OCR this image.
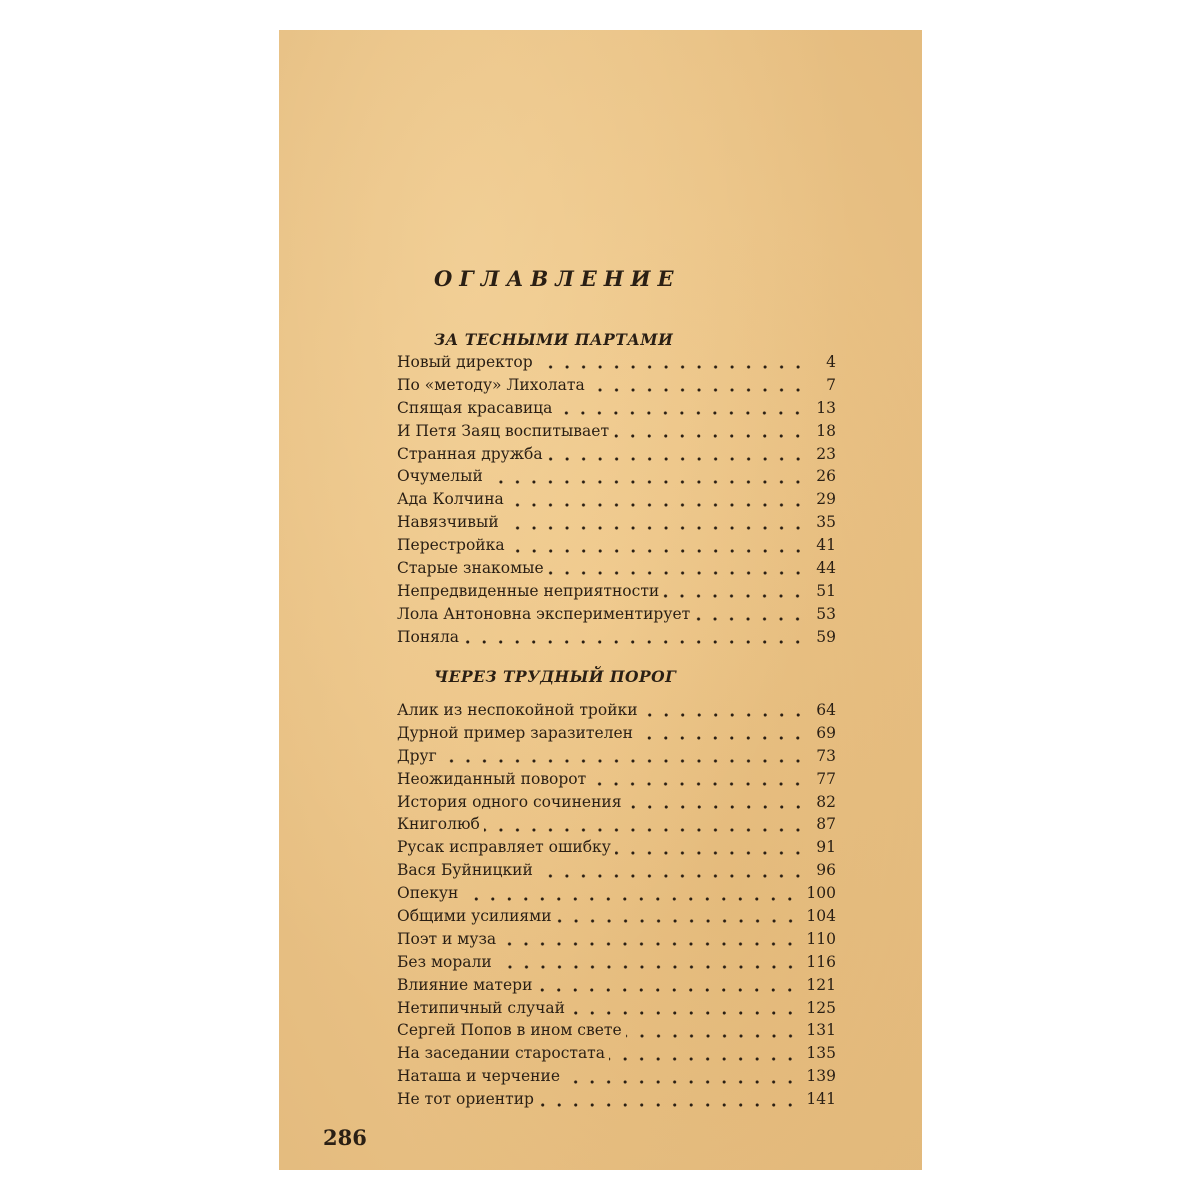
ОГЛАВЛЕНИЕ
ЗА ТЕСНЫМИ ПАРТАМИ
Новый директор	4
По «методу» Лихолата	7
Спящая красавица	13
И Петя Заяц воспитывает	18
Странная дружба	23
Очумелый	26
Ада Колчина	29
Навязчивый	35
Перестройка	41
Старые знакомые	44
Непредвиденные неприятности	51
Лола Антоновна экспериментирует	53
Поняла	59
ЧЕРЕЗ ТРУДНЫЙ ПОРОГ
Алик из неспокойной тройки	64
Дурной пример заразителен	69
Друг	73
Неожиданный поворот	77
История одного сочинения	82
Книголюб	87
Русак исправляет ошибку	91
Вася Буйницкий	96
Опекун	100
Общими усилиями	104
Поэт и муза	110
Без морали	116
Влияние матери	121
Нетипичный случай	125
Сергей Попов в ином свете	131
На заседании старостата	135
Наташа и черчение	139
Не тот ориентир	141
286
